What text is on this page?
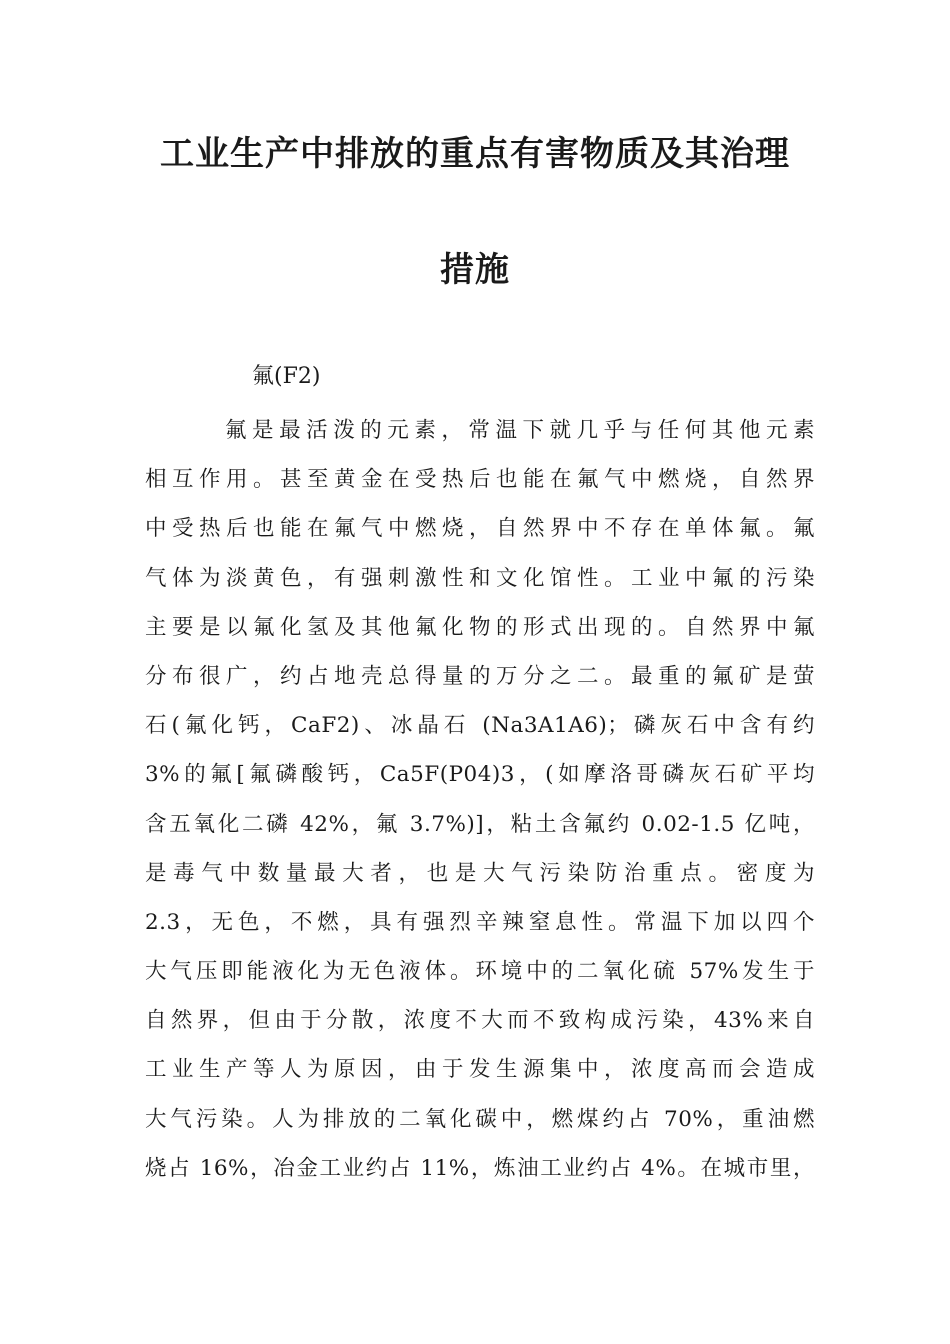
工业生产中排放的重点有害物质及其治理
措施

氟(F2)

氟是最活泼的元素，常温下就几乎与任何其他元素
相互作用。甚至黄金在受热后也能在氟气中燃烧，自然界
中受热后也能在氟气中燃烧，自然界中不存在单体氟。氟
气体为淡黄色，有强刺激性和文化馆性。工业中氟的污染
主要是以氟化氢及其他氟化物的形式出现的。自然界中氟
分布很广，约占地壳总得量的万分之二。最重的氟矿是萤
石(氟化钙，CaF2)、冰晶石 (Na3A1A6)；磷灰石中含有约
3%的氟[氟磷酸钙，Ca5F(P04)3，(如摩洛哥磷灰石矿平均
含五氧化二磷 42%，氟 3.7%)]，粘土含氟约 0.02-1.5 亿吨，
是毒气中数量最大者，也是大气污染防治重点。密度为
2.3，无色，不燃，具有强烈辛辣窒息性。常温下加以四个
大气压即能液化为无色液体。环境中的二氧化硫 57%发生于
自然界，但由于分散，浓度不大而不致构成污染，43%来自
工业生产等人为原因，由于发生源集中，浓度高而会造成
大气污染。人为排放的二氧化碳中，燃煤约占 70%，重油燃
烧占 16%，冶金工业约占 11%，炼油工业约占 4%。在城市里，
